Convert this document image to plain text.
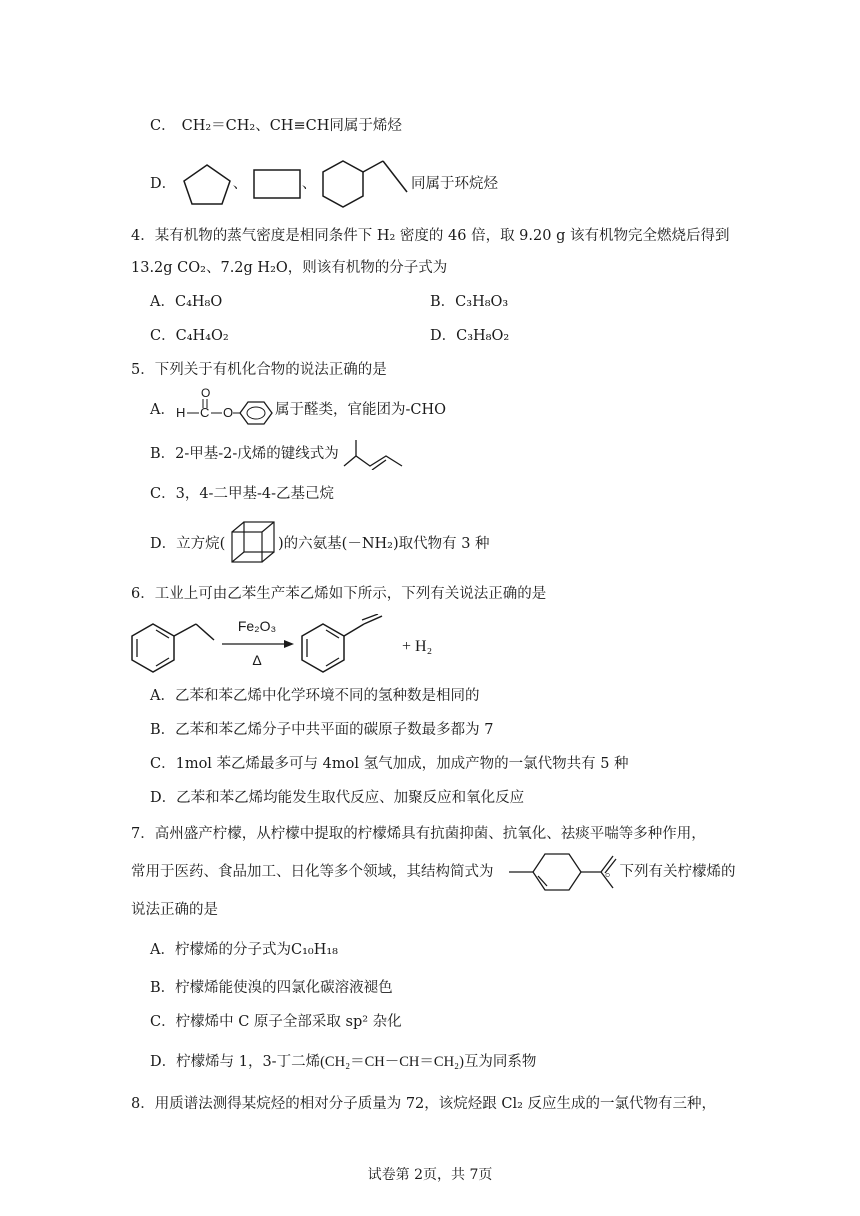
C． CH₂＝CH₂、CH≡CH同属于烯烃
D．	、	、	同属于环烷烃
4．某有机物的蒸气密度是相同条件下 H₂ 密度的 46 倍，取 9.20 g 该有机物完全燃烧后得到
13.2g CO₂、7.2g H₂O，则该有机物的分子式为
A．C₄H₈O	B．C₃H₈O₃
C．C₄H₄O₂	D．C₃H₈O₂
5．下列关于有机化合物的说法正确的是
A．
O
H C O	属于醛类，官能团为-CHO
B．2-甲基-2-戊烯的键线式为
C．3，4-二甲基-4-乙基己烷
D．立方烷(	)的六氨基(－NH₂)取代物有 3 种
6．工业上可由乙苯生产苯乙烯如下所示，下列有关说法正确的是
Fe₂O₃
Δ
+ H₂
A．乙苯和苯乙烯中化学环境不同的氢种数是相同的
B．乙苯和苯乙烯分子中共平面的碳原子数最多都为 7
C．1mol 苯乙烯最多可与 4mol 氢气加成，加成产物的一氯代物共有 5 种
D．乙苯和苯乙烯均能发生取代反应、加聚反应和氧化反应
7．高州盛产柠檬，从柠檬中提取的柠檬烯具有抗菌抑菌、抗氧化、祛痰平喘等多种作用，
常用于医药、食品加工、日化等多个领域，其结构简式为	。下列有关柠檬烯的
说法正确的是
A．柠檬烯的分子式为C₁₀H₁₈
B．柠檬烯能使溴的四氯化碳溶液褪色
C．柠檬烯中 C 原子全部采取 sp² 杂化
D．柠檬烯与 1，3-丁二烯(CH₂＝CH－CH＝CH₂)互为同系物
8．用质谱法测得某烷烃的相对分子质量为 72，该烷烃跟 Cl₂ 反应生成的一氯代物有三种，
试卷第 2页，共 7页
